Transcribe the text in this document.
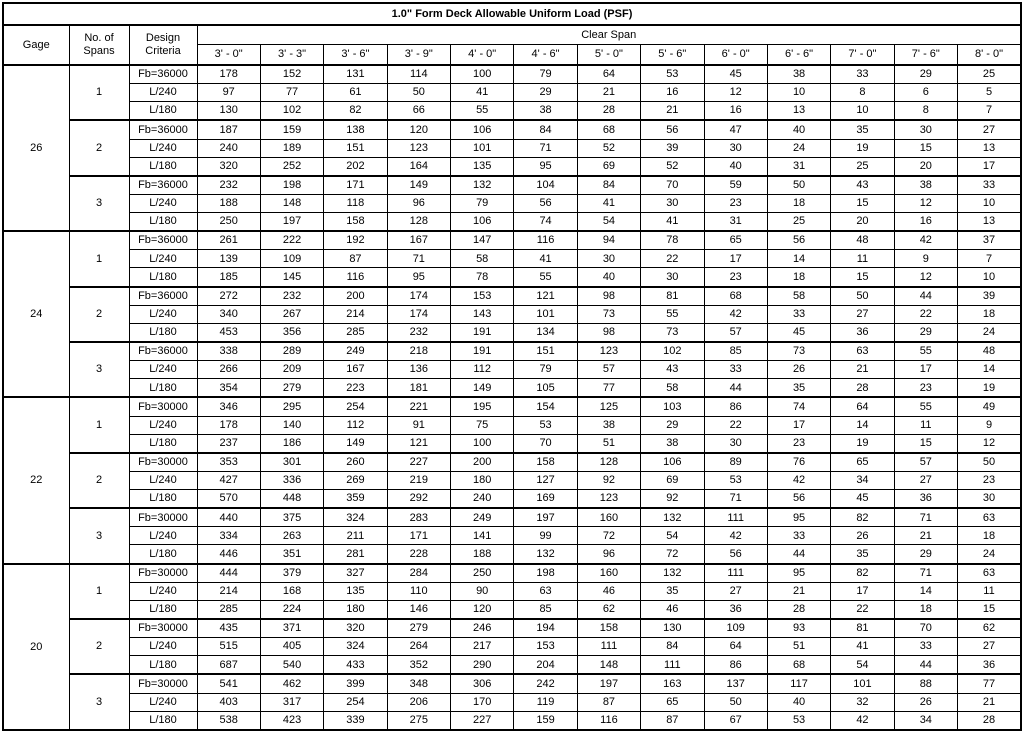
1.0" Form Deck Allowable Uniform Load (PSF)															
Gage	No. of Spans	Design Criteria	Clear Span												
			3' - 0"	3' - 3"	3' - 6"	3' - 9"	4' - 0"	4' - 6"	5' - 0"	5' - 6"	6' - 0"	6' - 6"	7' - 0"	7' - 6"	8' - 0"
26	1	Fb=36000	178	152	131	114	100	79	64	53	45	38	33	29	25
		L/240	97	77	61	50	41	29	21	16	12	10	8	6	5
		L/180	130	102	82	66	55	38	28	21	16	13	10	8	7
	2	Fb=36000	187	159	138	120	106	84	68	56	47	40	35	30	27
		L/240	240	189	151	123	101	71	52	39	30	24	19	15	13
		L/180	320	252	202	164	135	95	69	52	40	31	25	20	17
	3	Fb=36000	232	198	171	149	132	104	84	70	59	50	43	38	33
		L/240	188	148	118	96	79	56	41	30	23	18	15	12	10
		L/180	250	197	158	128	106	74	54	41	31	25	20	16	13
24	1	Fb=36000	261	222	192	167	147	116	94	78	65	56	48	42	37
		L/240	139	109	87	71	58	41	30	22	17	14	11	9	7
		L/180	185	145	116	95	78	55	40	30	23	18	15	12	10
	2	Fb=36000	272	232	200	174	153	121	98	81	68	58	50	44	39
		L/240	340	267	214	174	143	101	73	55	42	33	27	22	18
		L/180	453	356	285	232	191	134	98	73	57	45	36	29	24
	3	Fb=36000	338	289	249	218	191	151	123	102	85	73	63	55	48
		L/240	266	209	167	136	112	79	57	43	33	26	21	17	14
		L/180	354	279	223	181	149	105	77	58	44	35	28	23	19
22	1	Fb=30000	346	295	254	221	195	154	125	103	86	74	64	55	49
		L/240	178	140	112	91	75	53	38	29	22	17	14	11	9
		L/180	237	186	149	121	100	70	51	38	30	23	19	15	12
	2	Fb=30000	353	301	260	227	200	158	128	106	89	76	65	57	50
		L/240	427	336	269	219	180	127	92	69	53	42	34	27	23
		L/180	570	448	359	292	240	169	123	92	71	56	45	36	30
	3	Fb=30000	440	375	324	283	249	197	160	132	111	95	82	71	63
		L/240	334	263	211	171	141	99	72	54	42	33	26	21	18
		L/180	446	351	281	228	188	132	96	72	56	44	35	29	24
20	1	Fb=30000	444	379	327	284	250	198	160	132	111	95	82	71	63
		L/240	214	168	135	110	90	63	46	35	27	21	17	14	11
		L/180	285	224	180	146	120	85	62	46	36	28	22	18	15
	2	Fb=30000	435	371	320	279	246	194	158	130	109	93	81	70	62
		L/240	515	405	324	264	217	153	111	84	64	51	41	33	27
		L/180	687	540	433	352	290	204	148	111	86	68	54	44	36
	3	Fb=30000	541	462	399	348	306	242	197	163	137	117	101	88	77
		L/240	403	317	254	206	170	119	87	65	50	40	32	26	21
		L/180	538	423	339	275	227	159	116	87	67	53	42	34	28
